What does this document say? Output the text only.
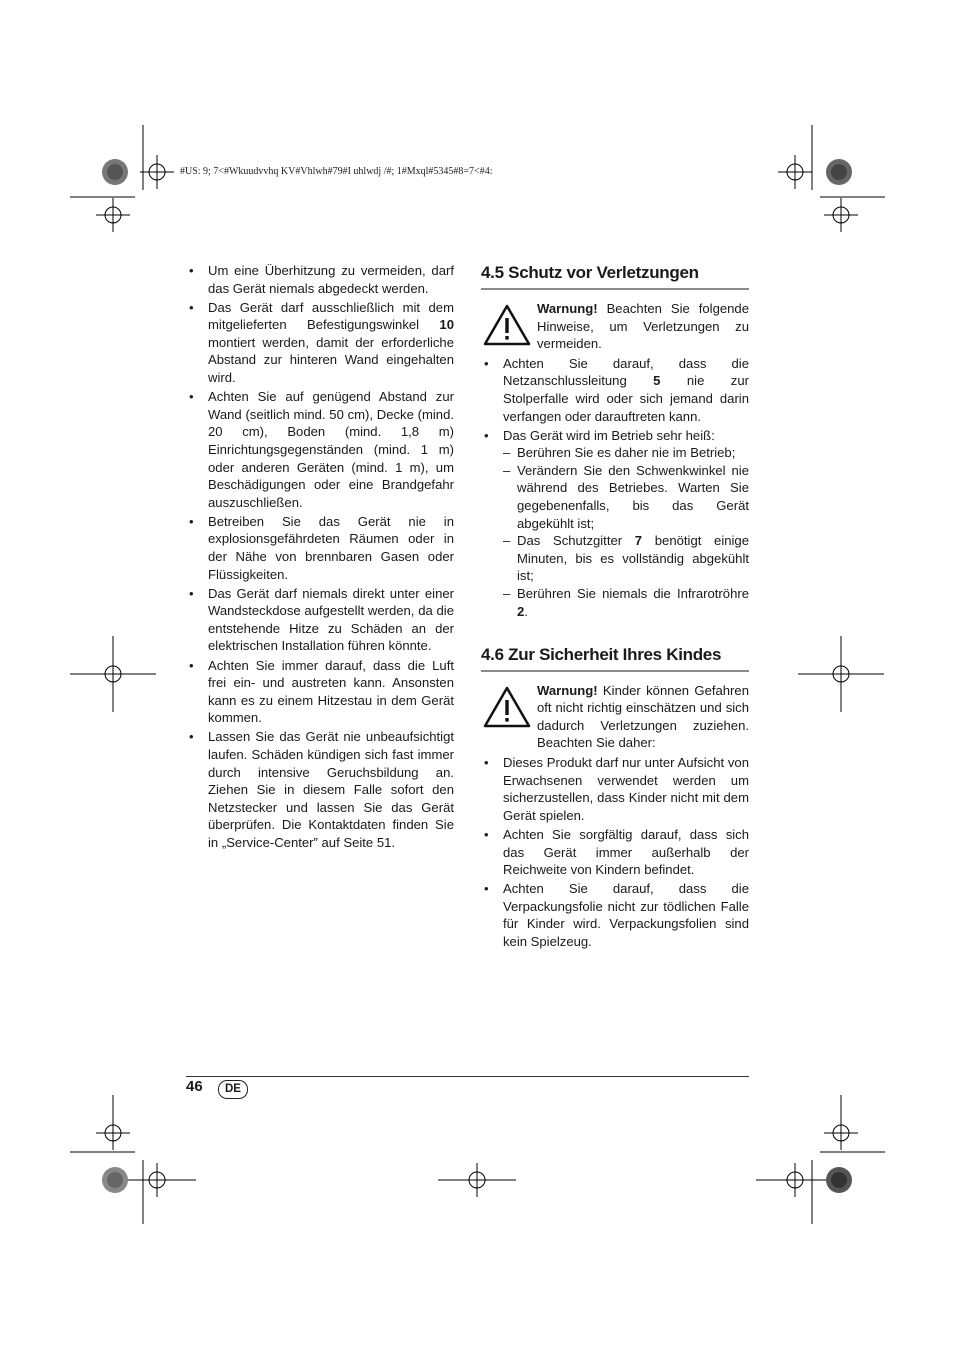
#US: 9; 7<#Wkuudvvhq KV#Vhlwh#79#I uhlwdj /#; 1#Mxql#5345#8=7<#4:
• Um eine Überhitzung zu vermeiden, darf das Gerät niemals abgedeckt werden.
• Das Gerät darf ausschließlich mit dem mitgelieferten Befestigungswinkel 10 montiert werden, damit der erforderliche Abstand zur hinteren Wand eingehalten wird.
• Achten Sie auf genügend Abstand zur Wand (seitlich mind. 50 cm), Decke (mind. 20 cm), Boden (mind. 1,8 m) Einrichtungsgegenständen (mind. 1 m) oder anderen Geräten (mind. 1 m), um Beschädigungen oder eine Brandgefahr auszuschließen.
• Betreiben Sie das Gerät nie in explosionsgefährdeten Räumen oder in der Nähe von brennbaren Gasen oder Flüssigkeiten.
• Das Gerät darf niemals direkt unter einer Wandsteckdose aufgestellt werden, da die entstehende Hitze zu Schäden an der elektrischen Installation führen könnte.
• Achten Sie immer darauf, dass die Luft frei ein- und austreten kann. Ansonsten kann es zu einem Hitzestau in dem Gerät kommen.
• Lassen Sie das Gerät nie unbeaufsichtigt laufen. Schäden kündigen sich fast immer durch intensive Geruchsbildung an. Ziehen Sie in diesem Falle sofort den Netzstecker und lassen Sie das Gerät überprüfen. Die Kontaktdaten finden Sie in „Service-Center” auf Seite 51.
4.5 Schutz vor Verletzungen
Warnung! Beachten Sie folgende Hinweise, um Verletzungen zu vermeiden.
• Achten Sie darauf, dass die Netzanschlussleitung 5 nie zur Stolperfalle wird oder sich jemand darin verfangen oder darauftreten kann.
• Das Gerät wird im Betrieb sehr heiß:
– Berühren Sie es daher nie im Betrieb;
– Verändern Sie den Schwenkwinkel nie während des Betriebes. Warten Sie gegebenenfalls, bis das Gerät abgekühlt ist;
– Das Schutzgitter 7 benötigt einige Minuten, bis es vollständig abgekühlt ist;
– Berühren Sie niemals die Infrarotröhre 2.
4.6 Zur Sicherheit Ihres Kindes
Warnung! Kinder können Gefahren oft nicht richtig einschätzen und sich dadurch Verletzungen zuziehen. Beachten Sie daher:
• Dieses Produkt darf nur unter Aufsicht von Erwachsenen verwendet werden um sicherzustellen, dass Kinder nicht mit dem Gerät spielen.
• Achten Sie sorgfältig darauf, dass sich das Gerät immer außerhalb der Reichweite von Kindern befindet.
• Achten Sie darauf, dass die Verpackungsfolie nicht zur tödlichen Falle für Kinder wird. Verpackungsfolien sind kein Spielzeug.
46	DE
